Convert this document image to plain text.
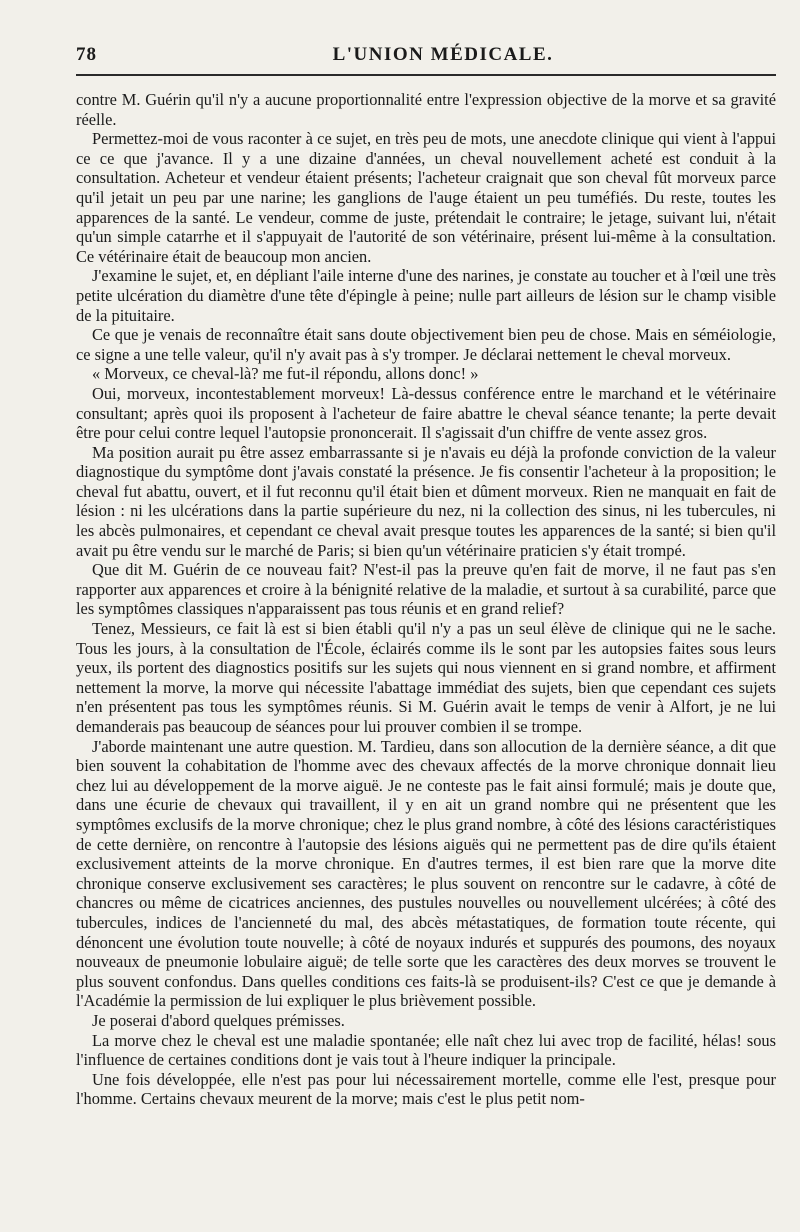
78	L'UNION MÉDICALE.

contre M. Guérin qu'il n'y a aucune proportionnalité entre l'expression objective de la morve et sa gravité réelle.

Permettez-moi de vous raconter à ce sujet, en très peu de mots, une anecdote clinique qui vient à l'appui ce ce que j'avance. Il y a une dizaine d'années, un cheval nouvellement acheté est conduit à la consultation. Acheteur et vendeur étaient présents; l'acheteur craignait que son cheval fût morveux parce qu'il jetait un peu par une narine; les ganglions de l'auge étaient un peu tuméfiés. Du reste, toutes les apparences de la santé. Le vendeur, comme de juste, prétendait le contraire; le jetage, suivant lui, n'était qu'un simple catarrhe et il s'appuyait de l'autorité de son vétérinaire, présent lui-même à la consultation. Ce vétérinaire était de beaucoup mon ancien.

J'examine le sujet, et, en dépliant l'aile interne d'une des narines, je constate au toucher et à l'œil une très petite ulcération du diamètre d'une tête d'épingle à peine; nulle part ailleurs de lésion sur le champ visible de la pituitaire.

Ce que je venais de reconnaître était sans doute objectivement bien peu de chose. Mais en séméiologie, ce signe a une telle valeur, qu'il n'y avait pas à s'y tromper. Je déclarai nettement le cheval morveux.

« Morveux, ce cheval-là? me fut-il répondu, allons donc! »

Oui, morveux, incontestablement morveux! Là-dessus conférence entre le marchand et le vétérinaire consultant; après quoi ils proposent à l'acheteur de faire abattre le cheval séance tenante; la perte devait être pour celui contre lequel l'autopsie prononcerait. Il s'agissait d'un chiffre de vente assez gros.

Ma position aurait pu être assez embarrassante si je n'avais eu déjà la profonde conviction de la valeur diagnostique du symptôme dont j'avais constaté la présence. Je fis consentir l'acheteur à la proposition; le cheval fut abattu, ouvert, et il fut reconnu qu'il était bien et dûment morveux. Rien ne manquait en fait de lésion : ni les ulcérations dans la partie supérieure du nez, ni la collection des sinus, ni les tubercules, ni les abcès pulmonaires, et cependant ce cheval avait presque toutes les apparences de la santé; si bien qu'il avait pu être vendu sur le marché de Paris; si bien qu'un vétérinaire praticien s'y était trompé.

Que dit M. Guérin de ce nouveau fait? N'est-il pas la preuve qu'en fait de morve, il ne faut pas s'en rapporter aux apparences et croire à la bénignité relative de la maladie, et surtout à sa curabilité, parce que les symptômes classiques n'apparaissent pas tous réunis et en grand relief?

Tenez, Messieurs, ce fait là est si bien établi qu'il n'y a pas un seul élève de clinique qui ne le sache. Tous les jours, à la consultation de l'École, éclairés comme ils le sont par les autopsies faites sous leurs yeux, ils portent des diagnostics positifs sur les sujets qui nous viennent en si grand nombre, et affirment nettement la morve, la morve qui nécessite l'abattage immédiat des sujets, bien que cependant ces sujets n'en présentent pas tous les symptômes réunis. Si M. Guérin avait le temps de venir à Alfort, je ne lui demanderais pas beaucoup de séances pour lui prouver combien il se trompe.

J'aborde maintenant une autre question. M. Tardieu, dans son allocution de la dernière séance, a dit que bien souvent la cohabitation de l'homme avec des chevaux affectés de la morve chronique donnait lieu chez lui au développement de la morve aiguë. Je ne conteste pas le fait ainsi formulé; mais je doute que, dans une écurie de chevaux qui travaillent, il y en ait un grand nombre qui ne présentent que les symptômes exclusifs de la morve chronique; chez le plus grand nombre, à côté des lésions caractéristiques de cette dernière, on rencontre à l'autopsie des lésions aiguës qui ne permettent pas de dire qu'ils étaient exclusivement atteints de la morve chronique. En d'autres termes, il est bien rare que la morve dite chronique conserve exclusivement ses caractères; le plus souvent on rencontre sur le cadavre, à côté de chancres ou même de cicatrices anciennes, des pustules nouvelles ou nouvellement ulcérées; à côté des tubercules, indices de l'ancienneté du mal, des abcès métastatiques, de formation toute récente, qui dénoncent une évolution toute nouvelle; à côté de noyaux indurés et suppurés des poumons, des noyaux nouveaux de pneumonie lobulaire aiguë; de telle sorte que les caractères des deux morves se trouvent le plus souvent confondus. Dans quelles conditions ces faits-là se produisent-ils? C'est ce que je demande à l'Académie la permission de lui expliquer le plus brièvement possible.

Je poserai d'abord quelques prémisses.

La morve chez le cheval est une maladie spontanée; elle naît chez lui avec trop de facilité, hélas! sous l'influence de certaines conditions dont je vais tout à l'heure indiquer la principale.

Une fois développée, elle n'est pas pour lui nécessairement mortelle, comme elle l'est, presque pour l'homme. Certains chevaux meurent de la morve; mais c'est le plus petit nom-
